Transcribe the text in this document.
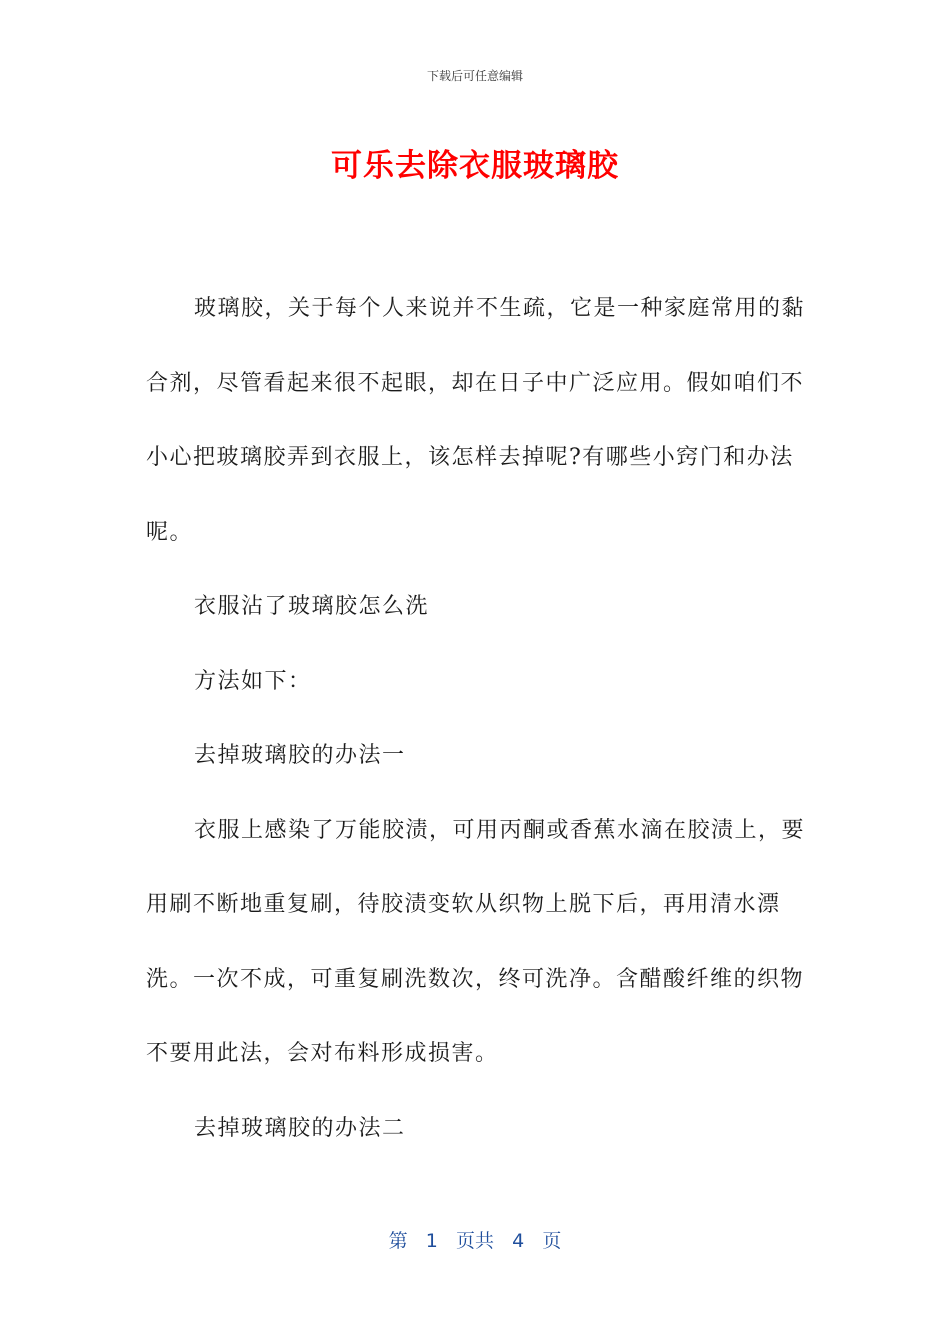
下载后可任意编辑
可乐去除衣服玻璃胶

玻璃胶，关于每个人来说并不生疏，它是一种家庭常用的黏合剂，尽管看起来很不起眼，却在日子中广泛应用。假如咱们不小心把玻璃胶弄到衣服上，该怎样去掉呢?有哪些小窍门和办法呢。

衣服沾了玻璃胶怎么洗

方法如下：

去掉玻璃胶的办法一

衣服上感染了万能胶渍，可用丙酮或香蕉水滴在胶渍上，要用刷不断地重复刷，待胶渍变软从织物上脱下后，再用清水漂洗。一次不成，可重复刷洗数次，终可洗净。含醋酸纤维的织物不要用此法，会对布料形成损害。

去掉玻璃胶的办法二

第 1 页共 4 页
